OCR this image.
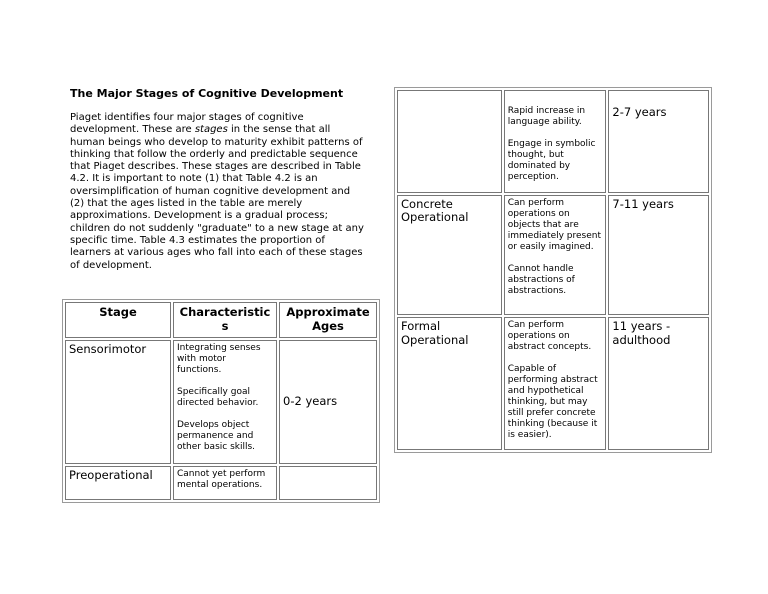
The Major Stages of Cognitive Development

Piaget identifies four major stages of cognitive development. These are stages in the sense that all human beings who develop to maturity exhibit patterns of thinking that follow the orderly and predictable sequence that Piaget describes. These stages are described in Table 4.2. It is important to note (1) that Table 4.2 is an oversimplification of human cognitive development and (2) that the ages listed in the table are merely approximations. Development is a gradual process; children do not suddenly "graduate" to a new stage at any specific time. Table 4.3 estimates the proportion of learners at various ages who fall into each of these stages of development.

Stage	Characteristics	Approximate Ages
Sensorimotor	Integrating senses with motor functions.

Specifically goal directed behavior.

Develops object permanence and other basic skills.	0-2 years
Preoperational	Cannot yet perform mental operations.	

	Rapid increase in language ability.

Engage in symbolic thought, but dominated by perception.	2-7 years
Concrete Operational	Can perform operations on objects that are immediately present or easily imagined.

Cannot handle abstractions of abstractions.	7-11 years
Formal Operational	Can perform operations on abstract concepts.

Capable of performing abstract and hypothetical thinking, but may still prefer concrete thinking (because it is easier).	11 years - adulthood
